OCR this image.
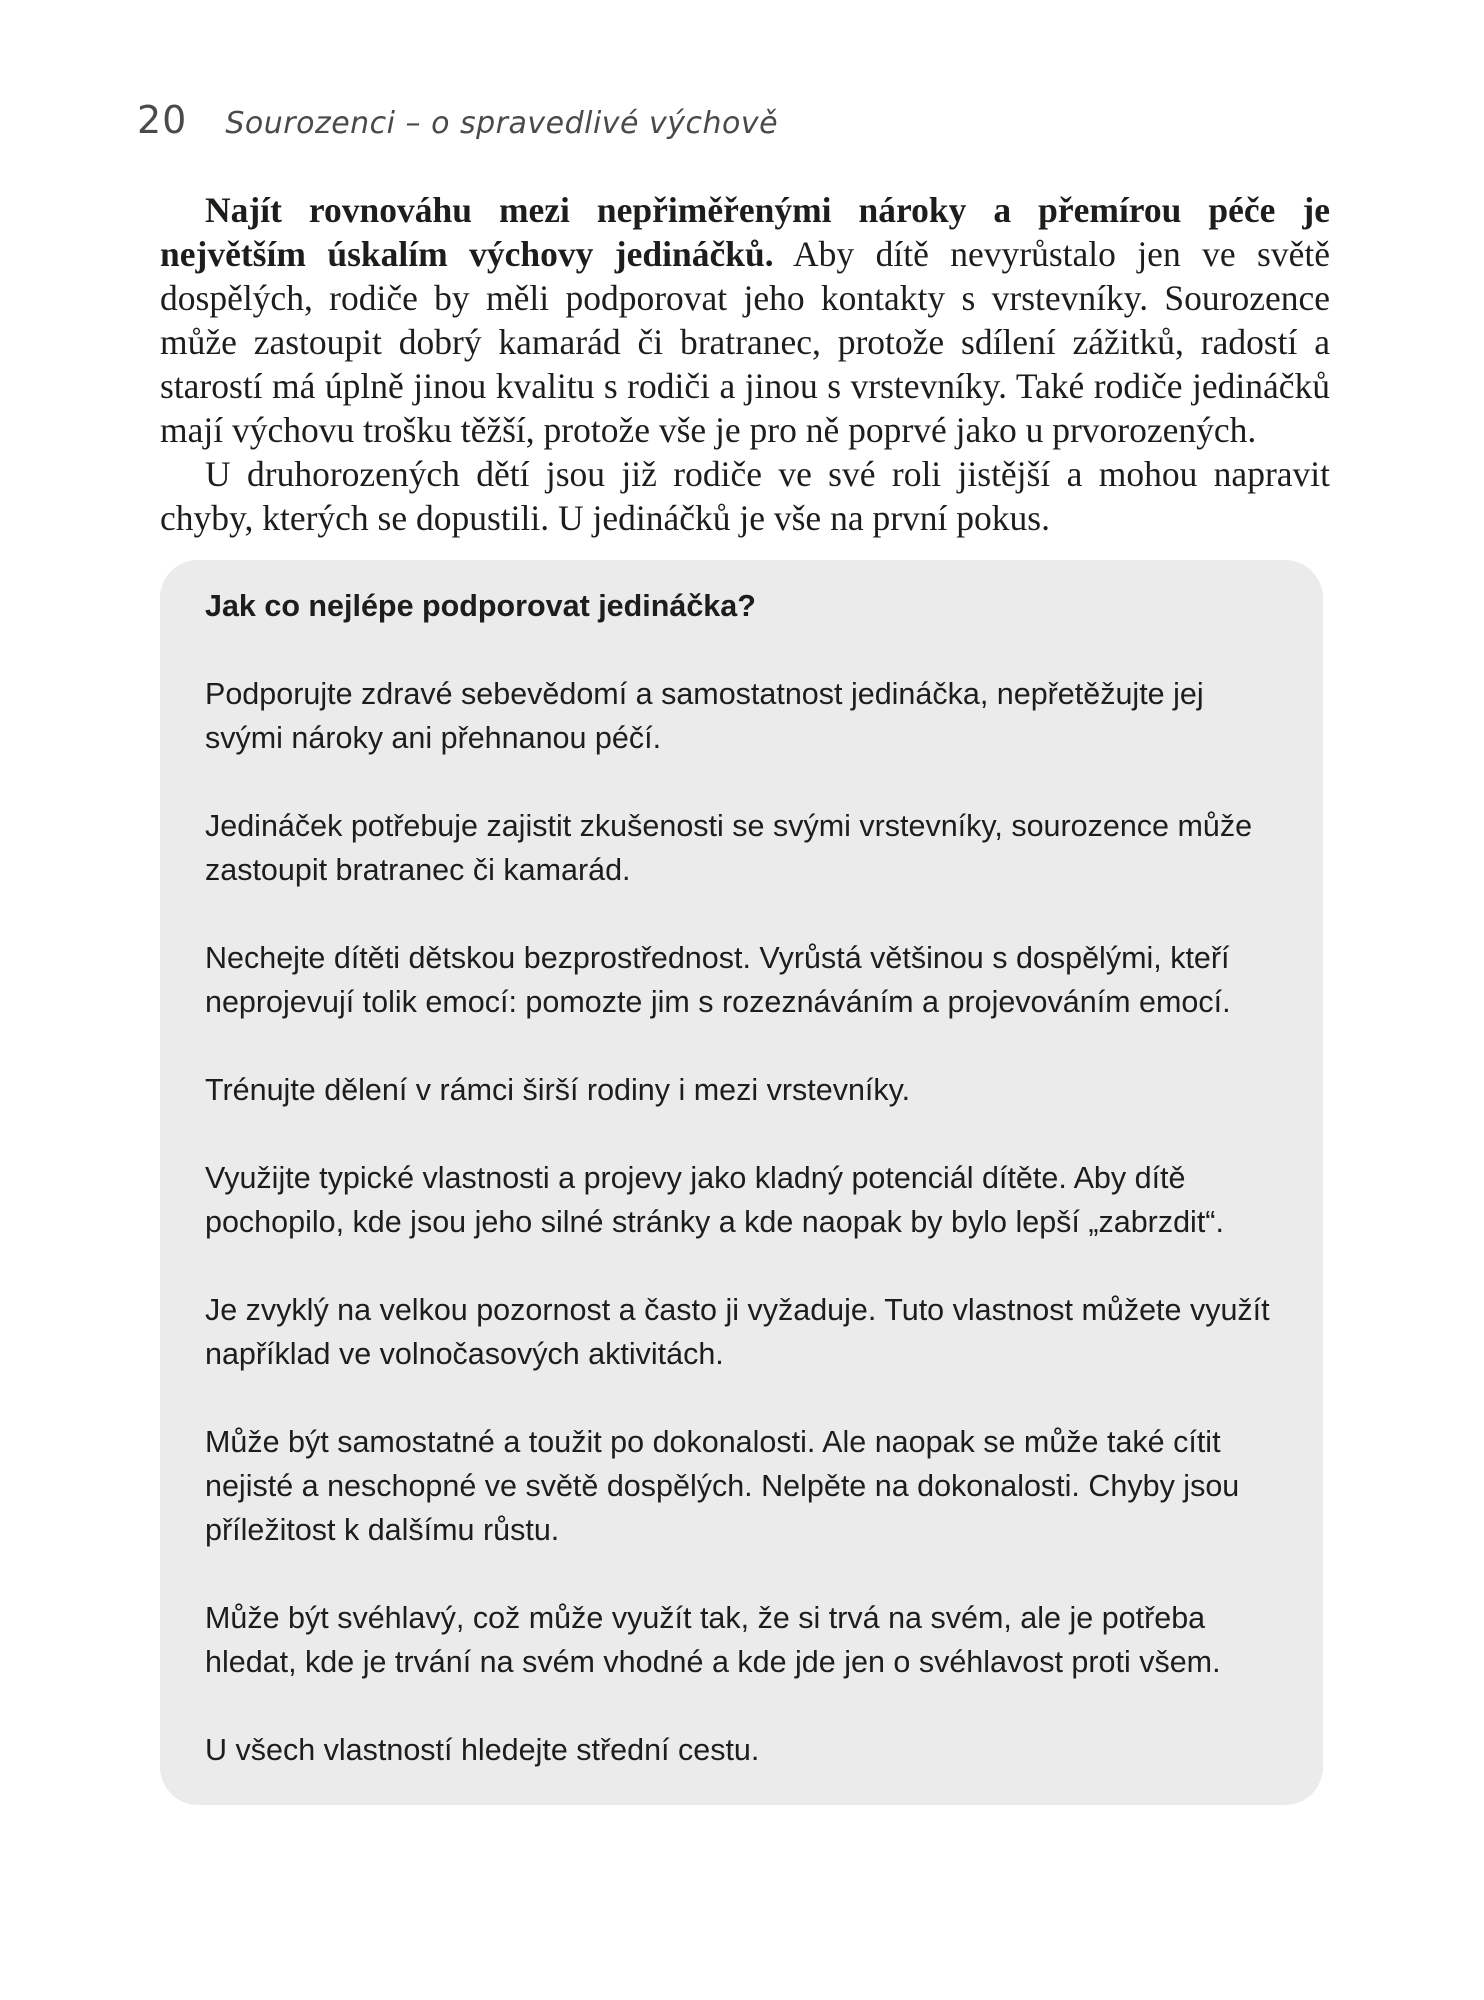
20 Sourozenci – o spravedlivé výchově

Najít rovnováhu mezi nepřiměřenými nároky a přemírou péče je největším úskalím výchovy jedináčků. Aby dítě nevyrůstalo jen ve světě dospělých, rodiče by měli podporovat jeho kontakty s vrstevníky. Sourozence může zastoupit dobrý kamarád či bratranec, protože sdílení zážitků, radostí a starostí má úplně jinou kvalitu s rodiči a jinou s vrstevníky. Také rodiče jedináčků mají výchovu trošku těžší, protože vše je pro ně poprvé jako u prvorozených.

U druhorozených dětí jsou již rodiče ve své roli jistější a mohou napravit chyby, kterých se dopustili. U jedináčků je vše na první pokus.

Jak co nejlépe podporovat jedináčka?
Podporujte zdravé sebevědomí a samostatnost jedináčka, nepřetěžujte jej svými nároky ani přehnanou péčí.
Jedináček potřebuje zajistit zkušenosti se svými vrstevníky, sourozence může zastoupit bratranec či kamarád.
Nechejte dítěti dětskou bezprostřednost. Vyrůstá většinou s dospělými, kteří neprojevují tolik emocí: pomozte jim s rozeznáváním a projevováním emocí.
Trénujte dělení v rámci širší rodiny i mezi vrstevníky.
Využijte typické vlastnosti a projevy jako kladný potenciál dítěte. Aby dítě pochopilo, kde jsou jeho silné stránky a kde naopak by bylo lepší „zabrzdit“.
Je zvyklý na velkou pozornost a často ji vyžaduje. Tuto vlastnost můžete využít například ve volnočasových aktivitách.
Může být samostatné a toužit po dokonalosti. Ale naopak se může také cítit nejisté a neschopné ve světě dospělých. Nelpěte na dokonalosti. Chyby jsou příležitost k dalšímu růstu.
Může být svéhlavý, což může využít tak, že si trvá na svém, ale je potřeba hledat, kde je trvání na svém vhodné a kde jde jen o svéhlavost proti všem.
U všech vlastností hledejte střední cestu.
